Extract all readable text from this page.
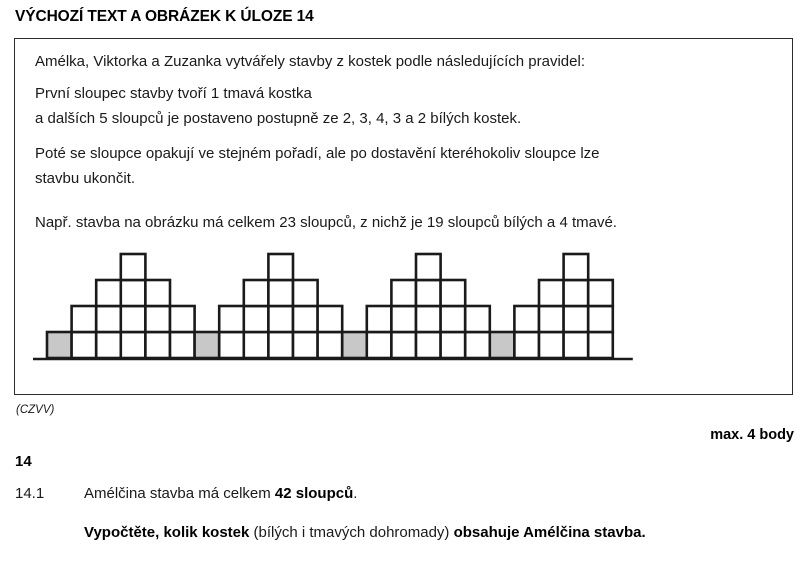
VÝCHOZÍ TEXT A OBRÁZEK K ÚLOZE 14
Amélka, Viktorka a Zuzanka vytvářely stavby z kostek podle následujících pravidel:
První sloupec stavby tvoří 1 tmavá kostka
a dalších 5 sloupců je postaveno postupně ze 2, 3, 4, 3 a 2 bílých kostek.
Poté se sloupce opakují ve stejném pořadí, ale po dostavění kteréhokoliv sloupce lze
stavbu ukončit.
Např. stavba na obrázku má celkem 23 sloupců, z nichž je 19 sloupců bílých a 4 tmavé.
(CZVV)
max. 4 body
14
14.1	Amélčina stavba má celkem 42 sloupců.
Vypočtěte, kolik kostek (bílých i tmavých dohromady) obsahuje Amélčina stavba.
